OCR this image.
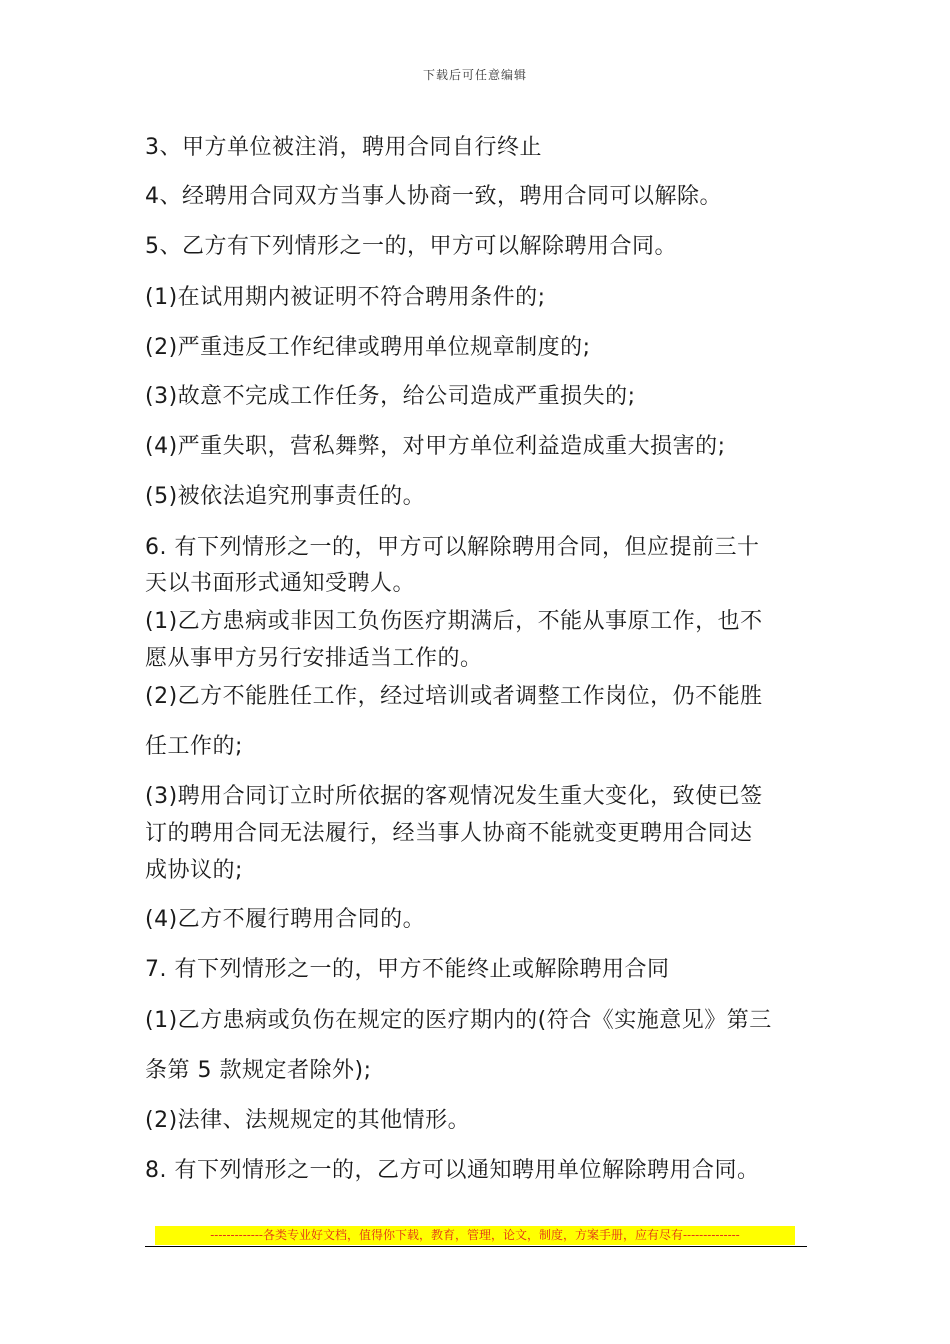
下载后可任意编辑
3、甲方单位被注消，聘用合同自行终止
4、经聘用合同双方当事人协商一致，聘用合同可以解除。
5、乙方有下列情形之一的，甲方可以解除聘用合同。
(1)在试用期内被证明不符合聘用条件的;
(2)严重违反工作纪律或聘用单位规章制度的;
(3)故意不完成工作任务，给公司造成严重损失的;
(4)严重失职，营私舞弊，对甲方单位利益造成重大损害的;
(5)被依法追究刑事责任的。
6. 有下列情形之一的，甲方可以解除聘用合同，但应提前三十
天以书面形式通知受聘人。
(1)乙方患病或非因工负伤医疗期满后，不能从事原工作，也不
愿从事甲方另行安排适当工作的。
(2)乙方不能胜任工作，经过培训或者调整工作岗位，仍不能胜
任工作的;
(3)聘用合同订立时所依据的客观情况发生重大变化，致使已签
订的聘用合同无法履行，经当事人协商不能就变更聘用合同达
成协议的;
(4)乙方不履行聘用合同的。
7. 有下列情形之一的，甲方不能终止或解除聘用合同
(1)乙方患病或负伤在规定的医疗期内的(符合《实施意见》第三
条第 5 款规定者除外);
(2)法律、法规规定的其他情形。
8. 有下列情形之一的，乙方可以通知聘用单位解除聘用合同。
-------------各类专业好文档，值得你下载，教育，管理，论文，制度，方案手册，应有尽有--------------
